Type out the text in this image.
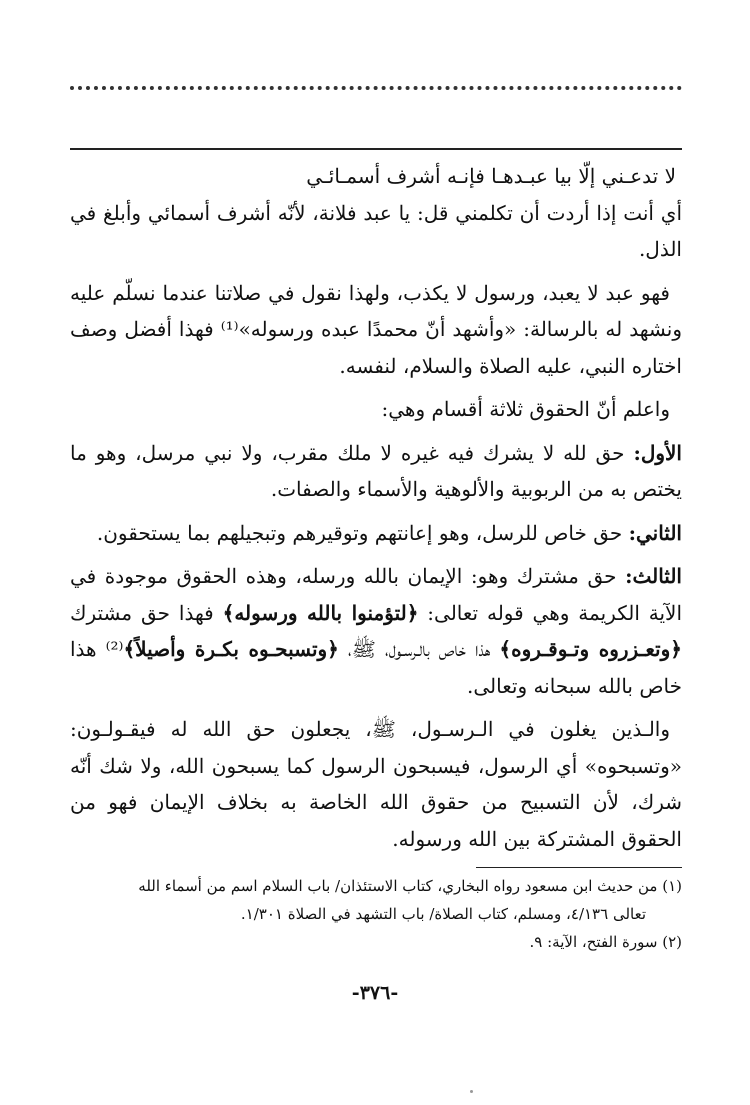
لا تدعـني إلّا بيا عبـدهـا فإنـه أشرف أسمـائـي

أي أنت إذا أردت أن تكلمني قل: يا عبد فلانة، لأنّه أشرف أسمائي وأبلغ في الذل.

فهو عبد لا يعبد، ورسول لا يكذب، ولهذا نقول في صلاتنا عندما نسلّم عليه ونشهد له بالرسالة: «وأشهد أنّ محمدًا عبده ورسوله»⁽¹⁾ فهذا أفضل وصف اختاره النبي، عليه الصلاة والسلام، لنفسه.

واعلم أنّ الحقوق ثلاثة أقسام وهي:

الأول: حق لله لا يشرك فيه غيره لا ملك مقرب، ولا نبي مرسل، وهو ما يختص به من الربوبية والألوهية والأسماء والصفات.

الثاني: حق خاص للرسل، وهو إعانتهم وتوقيرهم وتبجيلهم بما يستحقون.

الثالث: حق مشترك وهو: الإيمان بالله ورسله، وهذه الحقوق موجودة في الآية الكريمة وهي قوله تعالى: ﴿لتؤمنوا بالله ورسوله﴾ فهذا حق مشترك ﴿وتعـزروه وتـوقـروه﴾ هذا خاص بالـرسـول، ﷺ، ﴿وتسبحـوه بكـرة وأصيلاً﴾⁽²⁾ هذا خاص بالله سبحانه وتعالى.

والـذين يغلون في الـرسـول، ﷺ، يجعلون حق الله له فيقـولـون: «وتسبحوه» أي الرسول، فيسبحون الرسول كما يسبحون الله، ولا شك أنّه شرك، لأن التسبيح من حقوق الله الخاصة به بخلاف الإيمان فهو من الحقوق المشتركة بين الله ورسوله.

(١) من حديث ابن مسعود رواه البخاري، كتاب الاستئذان/ باب السلام اسم من أسماء الله

تعالى ٤/١٣٦، ومسلم، كتاب الصلاة/ باب التشهد في الصلاة ١/٣٠١.

(٢) سورة الفتح، الآية: ٩.

-٣٧٦-
